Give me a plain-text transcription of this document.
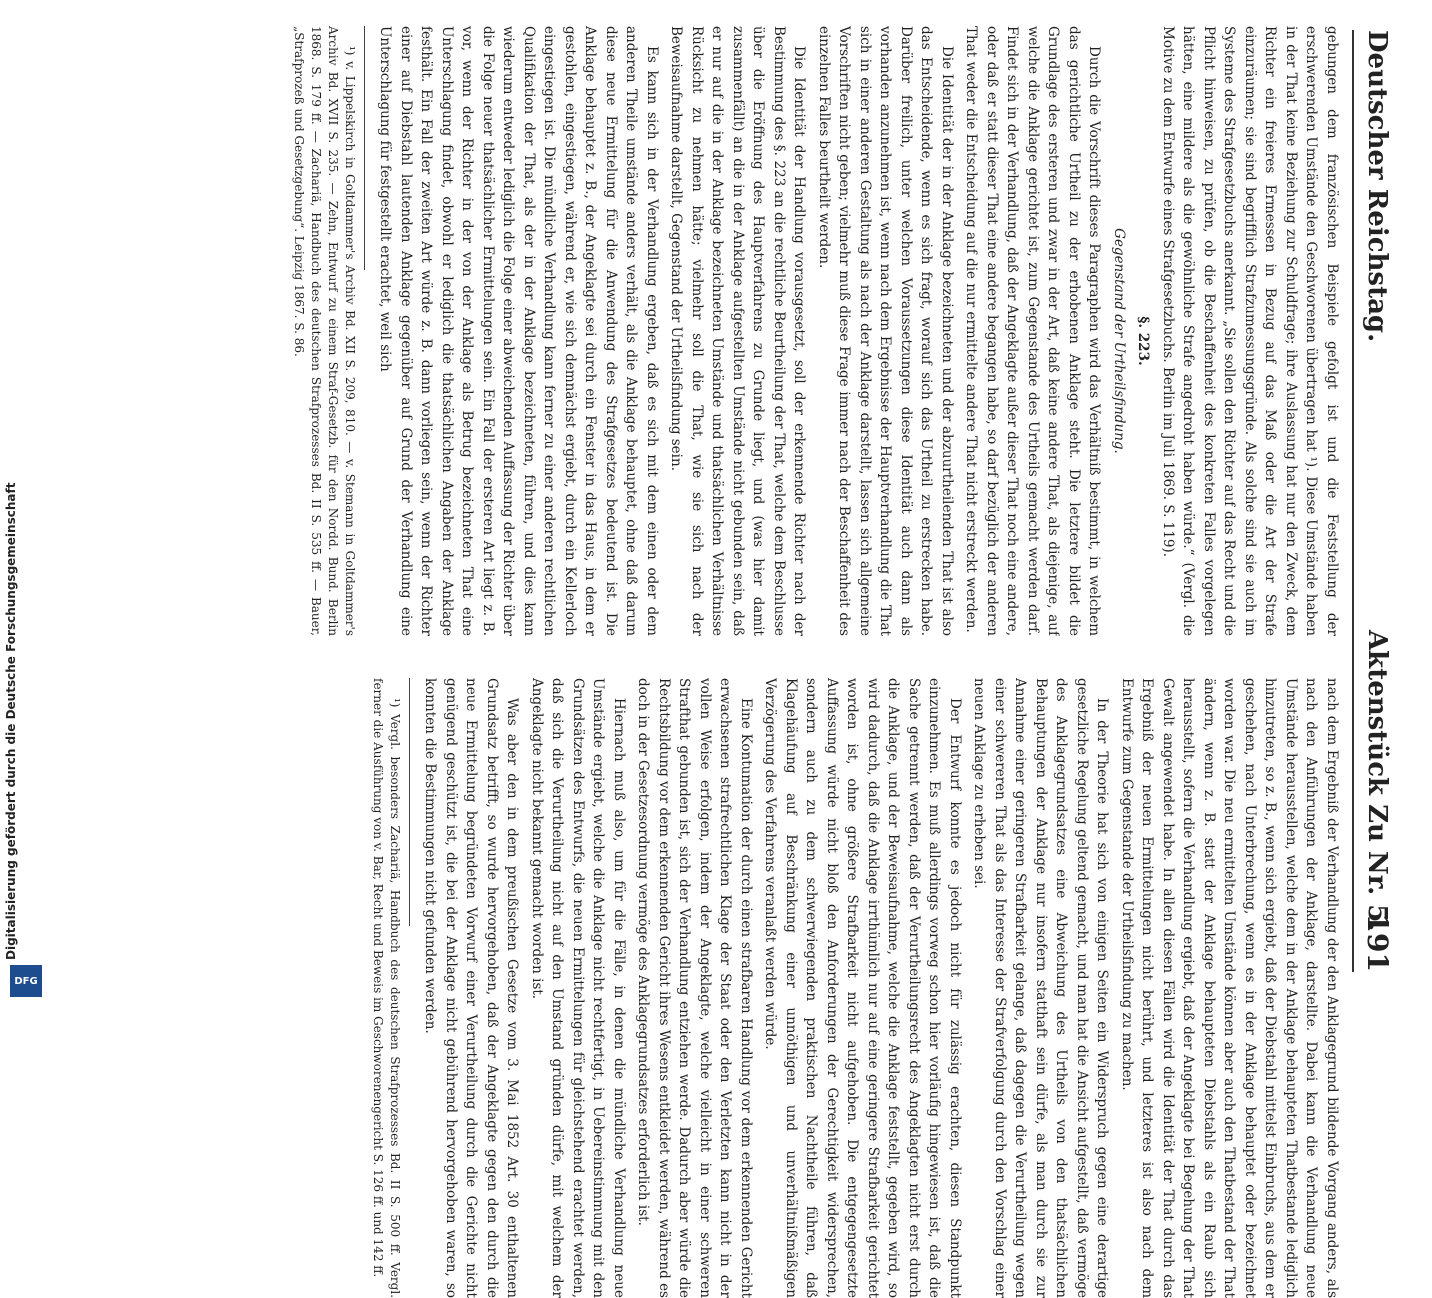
Deutscher Reichstag.
Aktenstück Zu Nr. 5.
191

gebungen dem französischen Beispiele gefolgt ist und die Feststellung der erschwerenden Umstände den Geschworenen übertragen hat ¹). Diese Umstände haben in der That keine Beziehung zur Schuldfrage; ihre Auslassung hat nur den Zweck, dem Richter ein freieres Ermessen in Bezug auf das Maß oder die Art der Strafe einzuräumen; sie sind begrifflich Strafzumessungsgründe. Als solche sind sie auch im Systeme des Strafgesetzbuchs anerkannt. „Sie sollen den Richter auf das Recht und die Pflicht hinweisen, zu prüfen, ob die Beschaffenheit des konkreten Falles vorgelegen hätten, eine mildere als die gewöhnliche Strafe angedroht haben würde.“ (Vergl. die Motive zu dem Entwurfe eines Strafgesetzbuchs. Berlin im Juli 1869. S. 119).

§. 223.

Gegenstand der Urtheilsfindung.

Durch die Vorschrift dieses Paragraphen wird das Verhältniß bestimmt, in welchem das gerichtliche Urtheil zu der erhobenen Anklage steht. Die letztere bildet die Grundlage des ersteren und zwar in der Art, daß keine andere That, als diejenige, auf welche die Anklage gerichtet ist, zum Gegenstande des Urtheils gemacht werden darf. Findet sich in der Verhandlung, daß der Angeklagte außer dieser That noch eine andere, oder daß er statt dieser That eine andere begangen habe, so darf bezüglich der anderen That weder die Entscheidung auf die nur ermittelte andere That nicht erstreckt werden.

Die Identität der in der Anklage bezeichneten und der abzuurtheilenden That ist also das Entscheidende, wenn es sich fragt, worauf sich das Urtheil zu erstrecken habe. Darüber freilich, unter welchen Voraussetzungen diese Identität auch dann als vorhanden anzunehmen ist, wenn nach dem Ergebnisse der Hauptverhandlung die That sich in einer anderen Gestaltung als nach der Anklage darstellt, lassen sich allgemeine Vorschriften nicht geben; vielmehr muß diese Frage immer nach der Beschaffenheit des einzelnen Falles beurtheilt werden.

Die Identität der Handlung vorausgesetzt, soll der erkennende Richter nach der Bestimmung des §. 223 an die rechtliche Beurtheilung der That, welche dem Beschlusse über die Eröffnung des Hauptverfahrens zu Grunde liegt, und (was hier damit zusammenfällt) an die in der Anklage aufgestellten Umstände nicht gebunden sein, daß er nur auf die in der Anklage bezeichneten Umstände und thatsächlichen Verhältnisse Rücksicht zu nehmen hätte; vielmehr soll die That, wie sie sich nach der Beweisaufnahme darstellt, Gegenstand der Urtheilsfindung sein.

Es kann sich in der Verhandlung ergeben, daß es sich mit dem einen oder dem anderen Theile umstände anders verhält, als die Anklage behauptet, ohne daß darum diese neue Ermittelung für die Anwendung des Strafgesetzes bedeutend ist. Die Anklage behauptet z. B., der Angeklagte sei durch ein Fenster in das Haus, in dem er gestohlen, eingestiegen, während er, wie sich demnächst ergiebt, durch ein Kellerloch eingestiegen ist. Die mündliche Verhandlung kann ferner zu einer anderen rechtlichen Qualifikation der That, als der in der Anklage bezeichneten, führen, und dies kann wiederum entweder lediglich die Folge einer abweichenden Auffassung der Richter über die Folge neuer thatsächlicher Ermittelungen sein. Ein Fall der ersteren Art liegt z. B. vor, wenn der Richter in der von der Anklage als Betrug bezeichneten That eine Unterschlagung findet, obwohl er lediglich die thatsächlichen Angaben der Anklage festhält. Ein Fall der zweiten Art würde z. B. dann vorliegen sein, wenn der Richter einer auf Diebstahl lautenden Anklage gegenüber auf Grund der Verhandlung eine Unterschlagung für festgestellt erachtet, weil sich

¹) v. Lippelskirch in Goltdammer's Archiv Bd. XII S. 209, 810. — v. Stemann in Goltdammer's Archiv Bd. XVII S. 235. — Zehn, Entwurf zu einem Straf-Gesetzb. für den Nordd. Bund. Berlin 1868. S. 179 ff. — Zachariä, Handbuch des deutschen Strafprozesses Bd. II S. 535 ff. — Bauer, „Strafprozeß und Gesetzgebung“. Leipzig 1867. S. 86.

nach dem Ergebniß der Verhandlung der den Anklagegrund bildende Vorgang anders, als nach den Anführungen der Anklage, darstellte. Dabei kann die Verhandlung neue Umstände herausstellen, welche dem in der Anklage behaupteten Thatbestande lediglich hinzutreten, so z. B., wenn sich ergiebt, daß der Diebstahl mittelst Einbruchs, aus dem er geschehen, nach Unterbrechung, wenn es in der Anklage behauptet oder bezeichnet worden war. Die neu ermittelten Umstände können aber auch den Thatbestand der That ändern, wenn z. B. statt der Anklage behaupteten Diebstahls als ein Raub sich herausstellt, sofern die Verhandlung ergiebt, daß der Angeklagte bei Begehung der That Gewalt angewendet habe. In allen diesen Fällen wird die Identität der That durch das Ergebniß der neuen Ermittelungen nicht berührt, und letzteres ist also nach dem Entwurfe zum Gegenstande der Urtheilsfindung zu machen.

In der Theorie hat sich von einigen Seiten ein Widerspruch gegen eine derartige gesetzliche Regelung geltend gemacht, und man hat die Ansicht aufgestellt, daß vermöge des Anklagegrundsatzes eine Abweichung des Urtheils von den thatsächlichen Behauptungen der Anklage nur insofern statthaft sein dürfe, als man durch sie zur Annahme einer geringeren Strafbarkeit gelange, daß dagegen die Verurtheilung wegen einer schwereren That als das Interesse der Strafverfolgung durch den Vorschlag einer neuen Anklage zu erheben sei.

Der Entwurf konnte es jedoch nicht für zulässig erachten, diesen Standpunkt einzunehmen. Es muß allerdings vorweg schon hier vorläufig hingewiesen ist, daß die Sache getrennt werden, daß der Verurtheilungsrecht des Angeklagten nicht erst durch die Anklage, und der Beweisaufnahme, welche die Anklage feststellt, gegeben wird, so wird dadurch, daß die Anklage irrthümlich nur auf eine geringere Strafbarkeit gerichtet worden ist, ohne größere Strafbarkeit nicht aufgehoben. Die entgegengesetzte Auffassung würde nicht bloß den Anforderungen der Gerechtigkeit widersprechen, sondern auch zu dem schwerwiegenden praktischen Nachtheile führen, daß Klagehäufung auf Beschränkung einer unnöthigen und unverhältnißmäßigen Verzögerung des Verfahrens veranlaßt werden würde.

Eine Kontumation der durch einen strafbaren Handlung vor dem erkennenden Gericht erwachsenen strafrechtlichen Klage der Staat oder den Verletzten kann nicht in der vollen Weise erfolgen, indem der Angeklagte, welche vielleicht in einer schweren Strafthat gebunden ist, sich der Verhandlung entziehen werde. Dadurch aber würde die Rechtsbildung vor dem erkennenden Gericht ihres Wesens entkleidet werden, während es doch in der Gesetzesordnung vermöge des Anklagegrundsatzes erforderlich ist.

Hiernach muß also, um für die Fälle, in denen die mündliche Verhandlung neue Umstände ergiebt, welche die Anklage nicht rechtfertigt, in Uebereinstimmung mit den Grundsätzen des Entwurfs, die neuen Ermittelungen für gleichstehend erachtet werden, daß sich die Verurtheilung nicht auf den Umstand gründen dürfe, mit welchem der Angeklagte nicht bekannt gemacht worden ist.

Was aber den in dem preußischen Gesetze vom 3. Mai 1852 Art. 30 enthaltenen Grundsatz betrifft, so wurde hervorgehoben, daß der Angeklagte gegen den durch die neue Ermittelung begründeten Vorwurf einer Verurtheilung durch die Gerichte nicht genügend geschützt ist, die bei der Anklage nicht gebührend hervorgehoben waren, so konnten die Bestimmungen nicht gefunden werden.

¹) Vergl. besonders Zachariä, Handbuch des deutschen Strafprozesses Bd. II S. 500 ff. Vergl. ferner die Ausführung von v. Bar, Recht und Beweis im Geschworenengericht S. 126 ff. und 142 ff.

Digitalisierung gefördert durch die Deutsche Forschungsgemeinschaft
DFG
